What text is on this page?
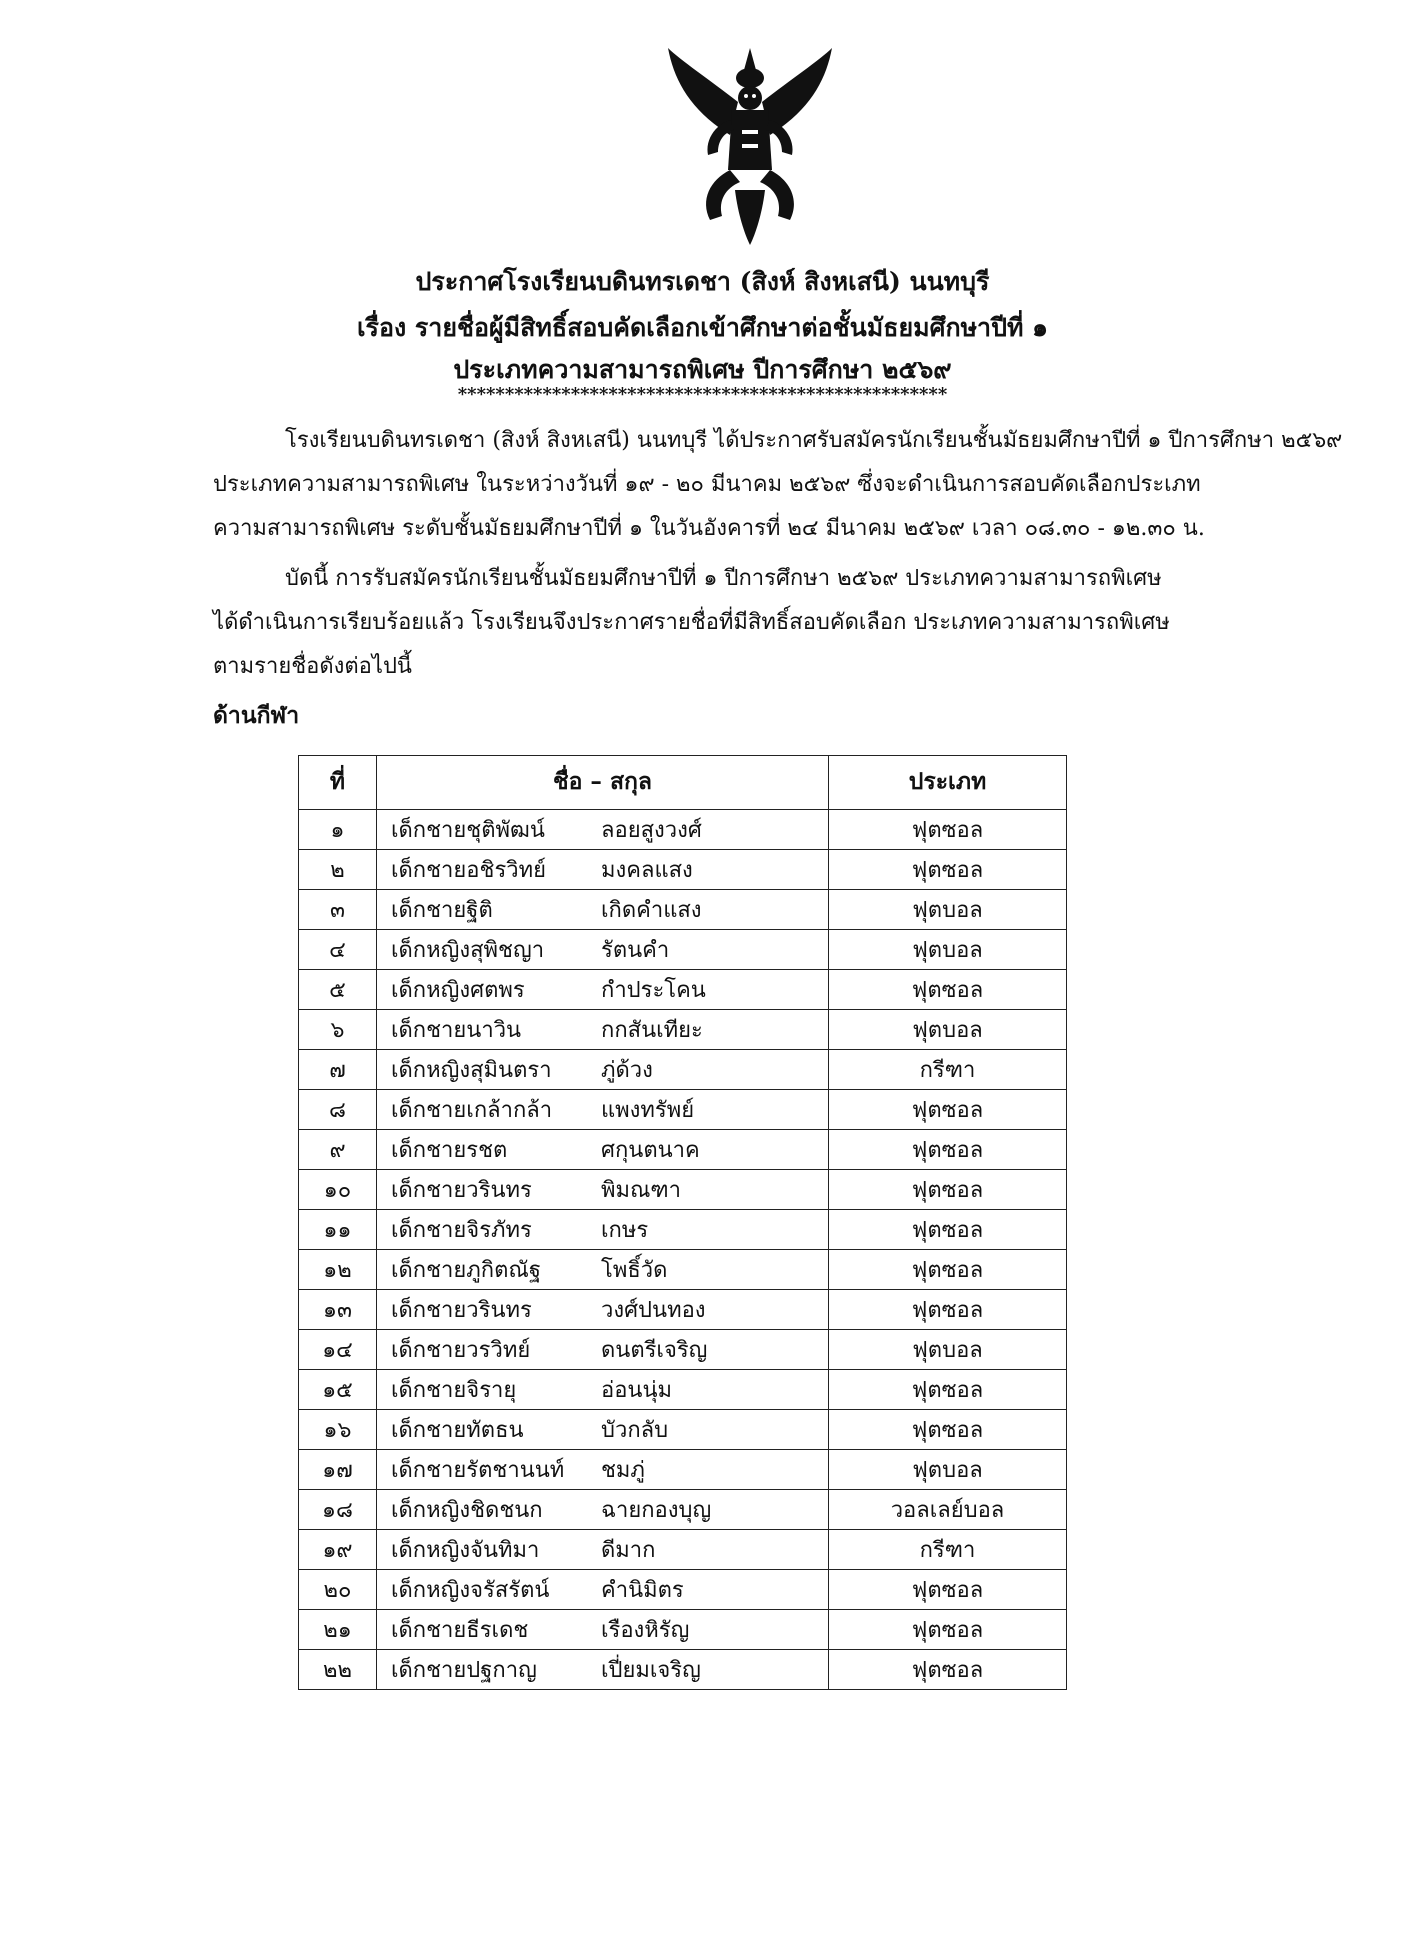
ประกาศโรงเรียนบดินทรเดชา (สิงห์ สิงหเสนี) นนทบุรี
เรื่อง รายชื่อผู้มีสิทธิ์สอบคัดเลือกเข้าศึกษาต่อชั้นมัธยมศึกษาปีที่ ๑
ประเภทความสามารถพิเศษ ปีการศึกษา ๒๕๖๙
****************************************************
โรงเรียนบดินทรเดชา (สิงห์ สิงหเสนี) นนทบุรี ได้ประกาศรับสมัครนักเรียนชั้นมัธยมศึกษาปีที่ ๑ ปีการศึกษา ๒๕๖๙
ประเภทความสามารถพิเศษ ในระหว่างวันที่ ๑๙ - ๒๐ มีนาคม ๒๕๖๙ ซึ่งจะดำเนินการสอบคัดเลือกประเภท
ความสามารถพิเศษ ระดับชั้นมัธยมศึกษาปีที่ ๑ ในวันอังคารที่ ๒๔ มีนาคม ๒๕๖๙ เวลา ๐๘.๓๐ - ๑๒.๓๐ น.
บัดนี้ การรับสมัครนักเรียนชั้นมัธยมศึกษาปีที่ ๑ ปีการศึกษา ๒๕๖๙ ประเภทความสามารถพิเศษ
ได้ดำเนินการเรียบร้อยแล้ว โรงเรียนจึงประกาศรายชื่อที่มีสิทธิ์สอบคัดเลือก ประเภทความสามารถพิเศษ
ตามรายชื่อดังต่อไปนี้
ด้านกีฬา
ที่	ชื่อ – สกุล	ประเภท
๑	เด็กชายชุติพัฒน์ ลอยสูงวงศ์	ฟุตซอล
๒	เด็กชายอชิรวิทย์ มงคลแสง	ฟุตซอล
๓	เด็กชายฐิติ เกิดคำแสง	ฟุตบอล
๔	เด็กหญิงสุพิชญา รัตนคำ	ฟุตบอล
๕	เด็กหญิงศตพร กำประโคน	ฟุตซอล
๖	เด็กชายนาวิน กกสันเทียะ	ฟุตบอล
๗	เด็กหญิงสุมินตรา ภู่ด้วง	กรีฑา
๘	เด็กชายเกล้ากล้า แพงทรัพย์	ฟุตซอล
๙	เด็กชายรชต ศกุนตนาค	ฟุตซอล
๑๐	เด็กชายวรินทร พิมณฑา	ฟุตซอล
๑๑	เด็กชายจิรภัทร เกษร	ฟุตซอล
๑๒	เด็กชายภูกิตณัฐ โพธิ์วัด	ฟุตซอล
๑๓	เด็กชายวรินทร วงศ์ปนทอง	ฟุตซอล
๑๔	เด็กชายวรวิทย์ ดนตรีเจริญ	ฟุตบอล
๑๕	เด็กชายจิรายุ อ่อนนุ่ม	ฟุตซอล
๑๖	เด็กชายทัตธน บัวกลับ	ฟุตซอล
๑๗	เด็กชายรัตชานนท์ ชมภู่	ฟุตบอล
๑๘	เด็กหญิงชิดชนก ฉายกองบุญ	วอลเลย์บอล
๑๙	เด็กหญิงจันทิมา ดีมาก	กรีฑา
๒๐	เด็กหญิงจรัสรัตน์ คำนิมิตร	ฟุตซอล
๒๑	เด็กชายธีรเดช เรืองหิรัญ	ฟุตซอล
๒๒	เด็กชายปฐกาญ เปี่ยมเจริญ	ฟุตซอล
